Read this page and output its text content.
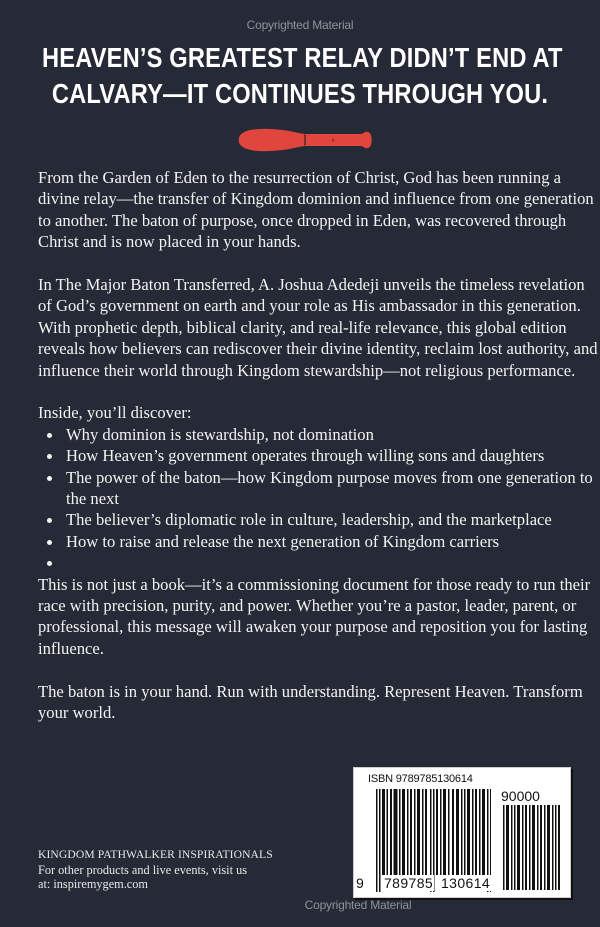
Copyrighted Material
HEAVEN’S GREATEST RELAY DIDN’T END AT
CALVARY—IT CONTINUES THROUGH YOU.

From the Garden of Eden to the resurrection of Christ, God has been running a divine relay—the transfer of Kingdom dominion and influence from one generation to another. The baton of purpose, once dropped in Eden, was recovered through Christ and is now placed in your hands.

In The Major Baton Transferred, A. Joshua Adedeji unveils the timeless revelation of God’s government on earth and your role as His ambassador in this generation. With prophetic depth, biblical clarity, and real-life relevance, this global edition reveals how believers can rediscover their divine identity, reclaim lost authority, and influence their world through Kingdom stewardship—not religious performance.

Inside, you’ll discover:

Why dominion is stewardship, not domination
How Heaven’s government operates through willing sons and daughters
The power of the baton—how Kingdom purpose moves from one generation to the next
The believer’s diplomatic role in culture, leadership, and the marketplace
How to raise and release the next generation of Kingdom carriers

This is not just a book—it’s a commissioning document for those ready to run their race with precision, purity, and power. Whether you’re a pastor, leader, parent, or professional, this message will awaken your purpose and reposition you for lasting influence.

The baton is in your hand. Run with understanding. Represent Heaven. Transform your world.

KINGDOM PATHWALKER INSPIRATIONALS
For other products and live events, visit us
at: inspiremygem.com
ISBN 9789785130614
90000
9 789785 130614
Copyrighted Material
